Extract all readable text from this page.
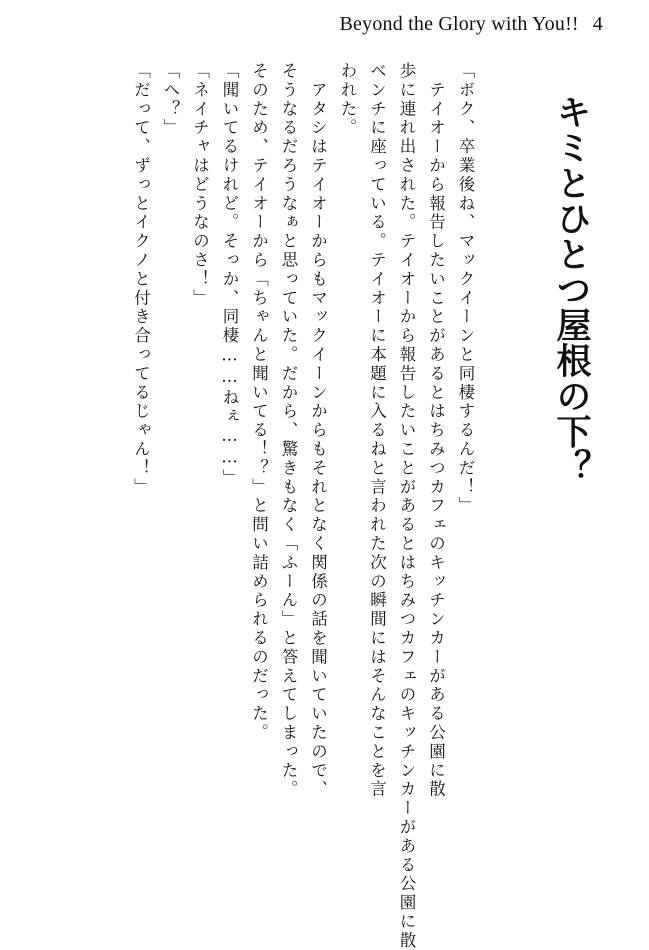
Beyond the Glory with You!! 4
キミとひとつ屋根の下？
「ボク、卒業後ね、マックイーンと同棲するんだ！」
　テイオーから報告したいことがあるとはちみつカフェのキッチンカーがある公園に散
歩に連れ出された。テイオーから報告したいことがあるとはちみつカフェのキッチンカーがある公園に散
ベンチに座っている。テイオーに本題に入るねと言われた次の瞬間にはそんなことを言
われた。
　アタシはテイオーからもマックイーンからもそれとなく関係の話を聞いていたので、
そうなるだろうなぁと思っていた。だから、驚きもなく「ふーん」と答えてしまった。
そのため、テイオーから「ちゃんと聞いてる！？」と問い詰められるのだった。
「聞いてるけれど。そっか、同棲……ねぇ……」
「ネイチャはどうなのさ！」
「へ？」
「だって、ずっとイクノと付き合ってるじゃん！」
